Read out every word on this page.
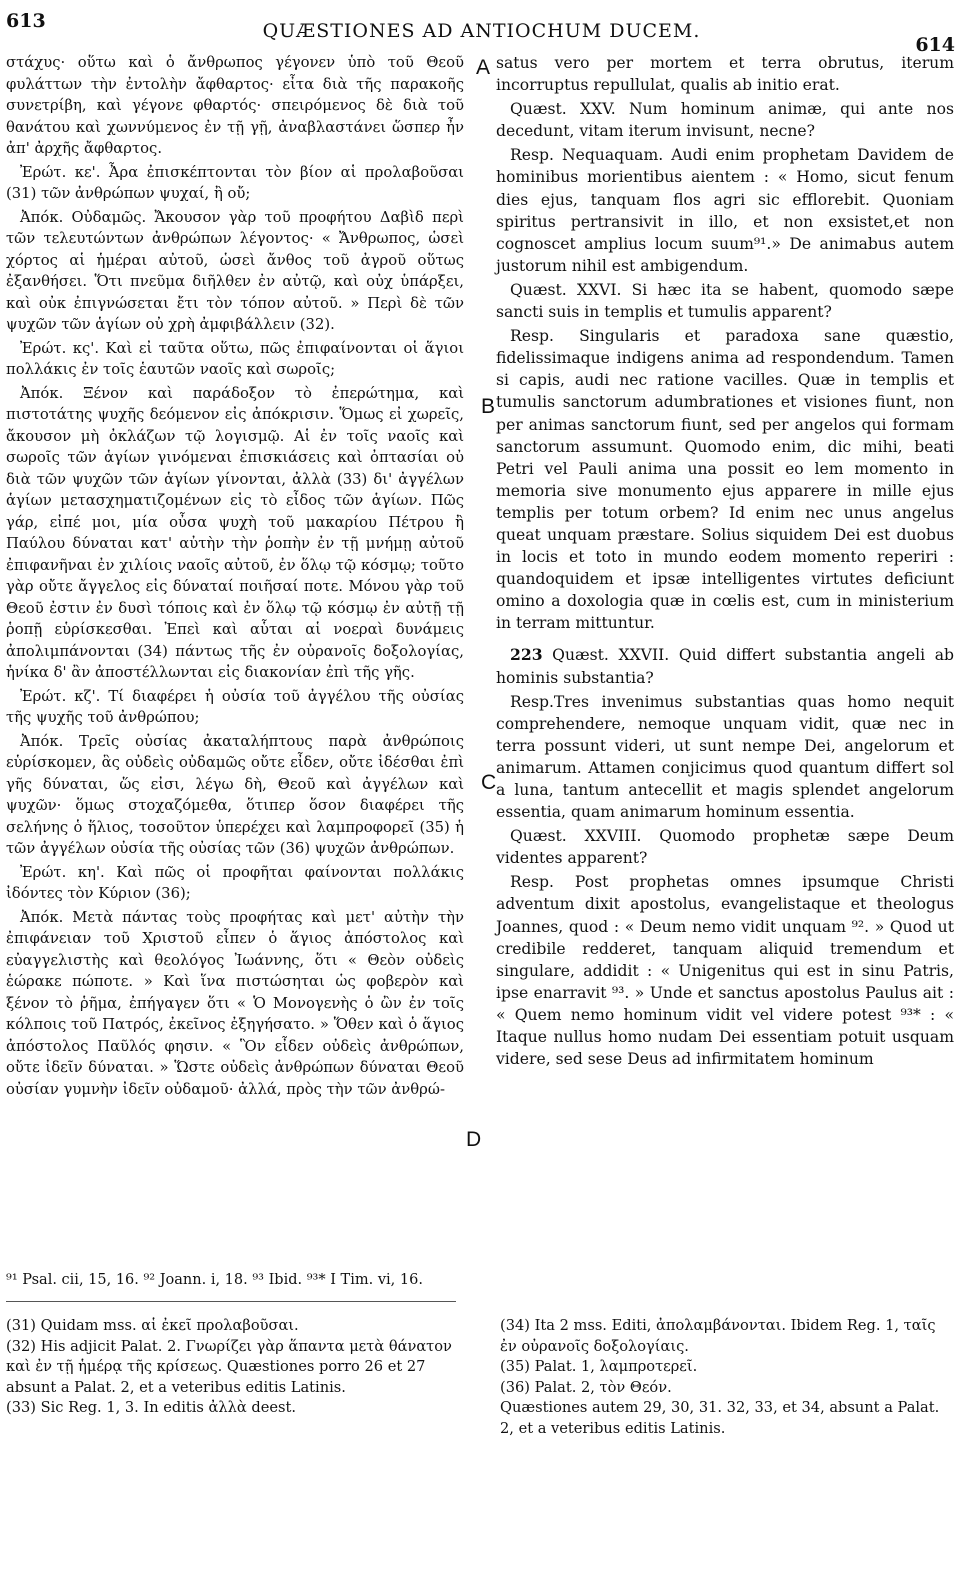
613	QUÆSTIONES AD ANTIOCHUM DUCEM.
614
A
B
C
D

στάχυς· οὕτω καὶ ὁ ἄνθρωπος γέγονεν ὑπὸ τοῦ Θεοῦ φυλάττων τὴν ἐντολὴν ἄφθαρτος· εἶτα διὰ τῆς παρακοῆς συνετρίβη, καὶ γέγονε φθαρτός· σπειρόμενος δὲ διὰ τοῦ θανάτου καὶ χωννύμενος ἐν τῇ γῇ, ἀναβλαστάνει ὥσπερ ἦν ἀπ' ἀρχῆς ἄφθαρτος.

Ἐρώτ. κε'. Ἆρα ἐπισκέπτονται τὸν βίον αἱ προλαβοῦσαι (31) τῶν ἀνθρώπων ψυχαί, ἢ οὔ;

Ἀπόκ. Οὐδαμῶς. Ἄκουσον γὰρ τοῦ προφήτου Δαβὶδ περὶ τῶν τελευτώντων ἀνθρώπων λέγοντος· « Ἄνθρωπος, ὡσεὶ χόρτος αἱ ἡμέραι αὐτοῦ, ὡσεὶ ἄνθος τοῦ ἀγροῦ οὕτως ἐξανθήσει. Ὅτι πνεῦμα διῆλθεν ἐν αὐτῷ, καὶ οὐχ ὑπάρξει, καὶ οὐκ ἐπιγνώσεται ἔτι τὸν τόπον αὐτοῦ. » Περὶ δὲ τῶν ψυχῶν τῶν ἁγίων οὐ χρὴ ἀμφιβάλλειν (32).

Ἐρώτ. κς'. Καὶ εἰ ταῦτα οὕτω, πῶς ἐπιφαίνονται οἱ ἅγιοι πολλάκις ἐν τοῖς ἑαυτῶν ναοῖς καὶ σωροῖς;

Ἀπόκ. Ξένον καὶ παράδοξον τὸ ἐπερώτημα, καὶ πιστοτάτης ψυχῆς δεόμενον εἰς ἀπόκρισιν. Ὅμως εἰ χωρεῖς, ἄκουσον μὴ ὀκλάζων τῷ λογισμῷ. Αἱ ἐν τοῖς ναοῖς καὶ σωροῖς τῶν ἁγίων γινόμεναι ἐπισκιάσεις καὶ ὀπτασίαι οὐ διὰ τῶν ψυχῶν τῶν ἁγίων γίνονται, ἀλλὰ (33) δι' ἀγγέλων ἁγίων μετασχηματιζομένων εἰς τὸ εἶδος τῶν ἁγίων. Πῶς γάρ, εἰπέ μοι, μία οὖσα ψυχὴ τοῦ μακαρίου Πέτρου ἢ Παύλου δύναται κατ' αὐτὴν τὴν ῥοπὴν ἐν τῇ μνήμῃ αὐτοῦ ἐπιφανῆναι ἐν χιλίοις ναοῖς αὐτοῦ, ἐν ὅλῳ τῷ κόσμῳ; τοῦτο γὰρ οὔτε ἄγγελος εἰς δύναταί ποιῆσαί ποτε. Μόνου γὰρ τοῦ Θεοῦ ἐστιν ἐν δυσὶ τόποις καὶ ἐν ὅλῳ τῷ κόσμῳ ἐν αὐτῇ τῇ ῥοπῇ εὑρίσκεσθαι. Ἐπεὶ καὶ αὗται αἱ νοεραὶ δυνάμεις ἀπολιμπάνονται (34) πάντως τῆς ἐν οὐρανοῖς δοξολογίας, ἡνίκα δ' ἂν ἀποστέλλωνται εἰς διακονίαν ἐπὶ τῆς γῆς.

Ἐρώτ. κζ'. Τί διαφέρει ἡ οὐσία τοῦ ἀγγέλου τῆς οὐσίας τῆς ψυχῆς τοῦ ἀνθρώπου;

Ἀπόκ. Τρεῖς οὐσίας ἀκαταλήπτους παρὰ ἀνθρώποις εὑρίσκομεν, ἃς οὐδεὶς οὐδαμῶς οὔτε εἶδεν, οὔτε ἰδέσθαι ἐπὶ γῆς δύναται, ὥς εἰσι, λέγω δὴ, Θεοῦ καὶ ἀγγέλων καὶ ψυχῶν· ὅμως στοχαζόμεθα, ὅτιπερ ὅσον διαφέρει τῆς σελήνης ὁ ἥλιος, τοσοῦτον ὑπερέχει καὶ λαμπροφορεῖ (35) ἡ τῶν ἀγγέλων οὐσία τῆς οὐσίας τῶν (36) ψυχῶν ἀνθρώπων.

Ἐρώτ. κη'. Καὶ πῶς οἱ προφῆται φαίνονται πολλάκις ἰδόντες τὸν Κύριον (36);

Ἀπόκ. Μετὰ πάντας τοὺς προφήτας καὶ μετ' αὐτὴν τὴν ἐπιφάνειαν τοῦ Χριστοῦ εἶπεν ὁ ἅγιος ἀπόστολος καὶ εὐαγγελιστὴς καὶ θεολόγος Ἰωάννης, ὅτι « Θεὸν οὐδεὶς ἑώρακε πώποτε. » Καὶ ἵνα πιστώσηται ὡς φοβερὸν καὶ ξένον τὸ ῥῆμα, ἐπήγαγεν ὅτι « Ὁ Μονογενὴς ὁ ὢν ἐν τοῖς κόλποις τοῦ Πατρός, ἐκεῖνος ἐξηγήσατο. » Ὅθεν καὶ ὁ ἅγιος ἀπόστολος Παῦλός φησιν. « Ὃν εἶδεν οὐδεὶς ἀνθρώπων, οὔτε ἰδεῖν δύναται. » Ὥστε οὐδεὶς ἀνθρώπων δύναται Θεοῦ οὐσίαν γυμνὴν ἰδεῖν οὐδαμοῦ· ἀλλά, πρὸς τὴν τῶν ἀνθρώ-

satus vero per mortem et terra obrutus, iterum incorruptus repullulat, qualis ab initio erat.

Quæst. XXV. Num hominum animæ, qui ante nos decedunt, vitam iterum invisunt, necne?

Resp. Nequaquam. Audi enim prophetam Davidem de hominibus morientibus aientem : « Homo, sicut fenum dies ejus, tanquam flos agri sic efflorebit. Quoniam spiritus pertransivit in illo, et non exsistet,et non cognoscet amplius locum suum⁹¹.» De animabus autem justorum nihil est ambigendum.

Quæst. XXVI. Si hæc ita se habent, quomodo sæpe sancti suis in templis et tumulis apparent?

Resp. Singularis et paradoxa sane quæstio, fidelissimaque indigens anima ad respondendum. Tamen si capis, audi nec ratione vacilles. Quæ in templis et tumulis sanctorum adumbrationes et visiones fiunt, non per animas sanctorum fiunt, sed per angelos qui formam sanctorum assumunt. Quomodo enim, dic mihi, beati Petri vel Pauli anima una possit eo lem momento in memoria sive monumento ejus apparere in mille ejus templis per totum orbem? Id enim nec unus angelus queat unquam præstare. Solius siquidem Dei est duobus in locis et toto in mundo eodem momento reperiri : quandoquidem et ipsæ intelligentes virtutes deficiunt omino a doxologia quæ in cœlis est, cum in ministerium in terram mittuntur.

223 Quæst. XXVII. Quid differt substantia angeli ab hominis substantia?

Resp.Tres invenimus substantias quas homo nequit comprehendere, nemoque unquam vidit, quæ nec in terra possunt videri, ut sunt nempe Dei, angelorum et animarum. Attamen conjicimus quod quantum differt sol a luna, tantum antecellit et magis splendet angelorum essentia, quam animarum hominum essentia.

Quæst. XXVIII. Quomodo prophetæ sæpe Deum videntes apparent?

Resp. Post prophetas omnes ipsumque Christi adventum dixit apostolus, evangelistaque et theologus Joannes, quod : « Deum nemo vidit unquam ⁹². » Quod ut credibile redderet, tanquam aliquid tremendum et singulare, addidit : « Unigenitus qui est in sinu Patris, ipse enarravit ⁹³. » Unde et sanctus apostolus Paulus ait : « Quem nemo hominum vidit vel videre potest ⁹³* : « Itaque nullus homo nudam Dei essentiam potuit usquam videre, sed sese Deus ad infirmitatem hominum

⁹¹ Psal. cii, 15, 16. ⁹² Joann. i, 18. ⁹³ Ibid. ⁹³* I Tim. vi, 16.

(31) Quidam mss. αἱ ἐκεῖ προλαβοῦσαι.

(32) His adjicit Palat. 2. Γνωρίζει γὰρ ἅπαντα μετὰ θάνατον καὶ ἐν τῇ ἡμέρᾳ τῆς κρίσεως. Quæstiones porro 26 et 27 absunt a Palat. 2, et a veteribus editis Latinis.

(33) Sic Reg. 1, 3. In editis ἀλλὰ deest.

(34) Ita 2 mss. Editi, ἀπολαμβάνονται. Ibidem Reg. 1, ταῖς ἐν οὐρανοῖς δοξολογίαις.

(35) Palat. 1, λαμπροτερεῖ.

(36) Palat. 2, τὸν Θεόν.

Quæstiones autem 29, 30, 31. 32, 33, et 34, absunt a Palat. 2, et a veteribus editis Latinis.
